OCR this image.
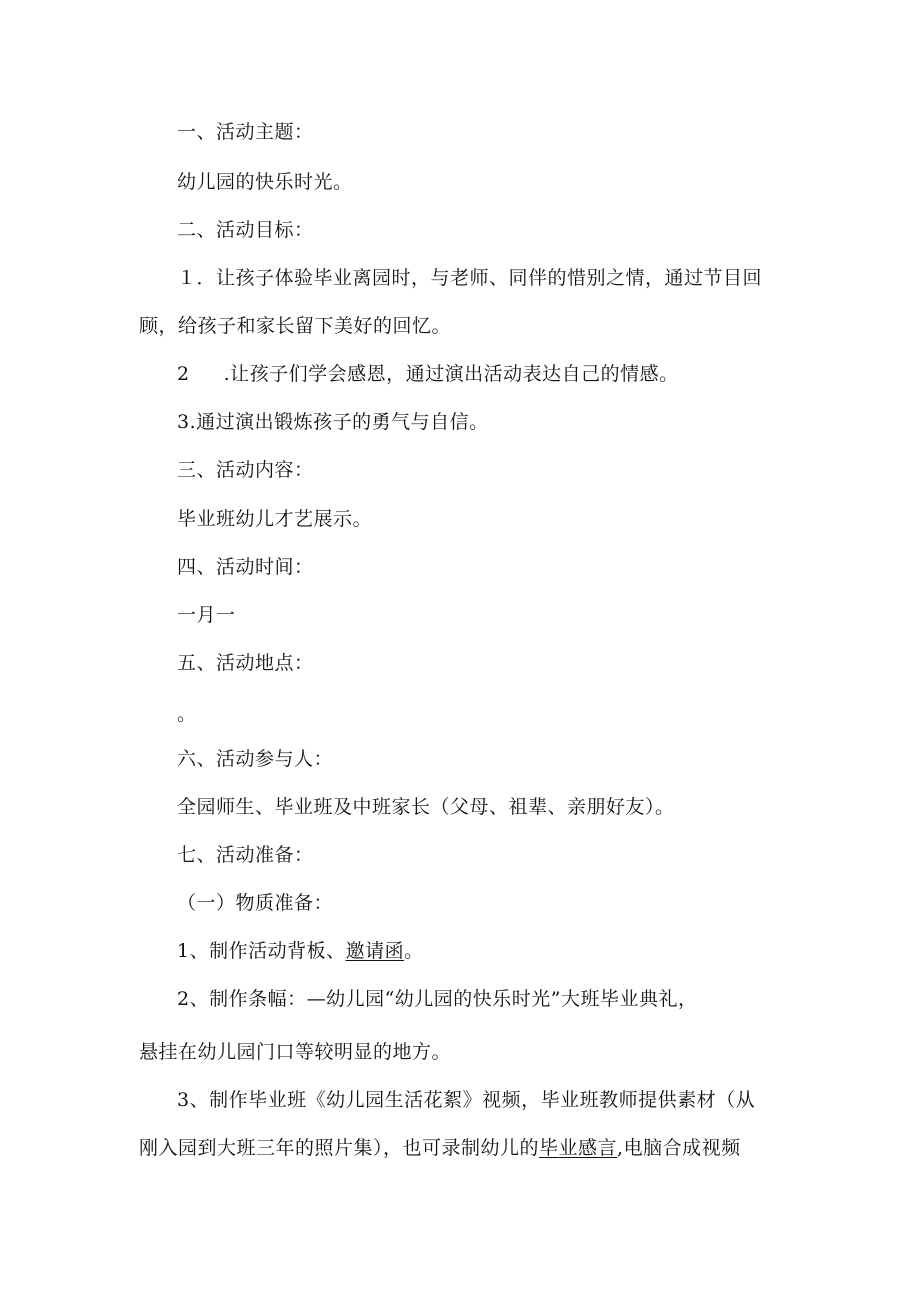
一、活动主题：
幼儿园的快乐时光。
二、活动目标：
１．让孩子体验毕业离园时，与老师、同伴的惜别之情，通过节目回
顾，给孩子和家长留下美好的回忆。
2 .让孩子们学会感恩，通过演出活动表达自己的情感。
3.通过演出锻炼孩子的勇气与自信。
三、活动内容：
毕业班幼儿才艺展示。
四、活动时间：
一月一
五、活动地点：
。
六、活动参与人：
全园师生、毕业班及中班家长（父母、祖辈、亲朋好友）。
七、活动准备：
（一）物质准备：
1、制作活动背板、邀请函。
2、制作条幅：—幼儿园“幼儿园的快乐时光”大班毕业典礼，
悬挂在幼儿园门口等较明显的地方。
3、制作毕业班《幼儿园生活花絮》视频，毕业班教师提供素材（从
刚入园到大班三年的照片集），也可录制幼儿的毕业感言,电脑合成视频
